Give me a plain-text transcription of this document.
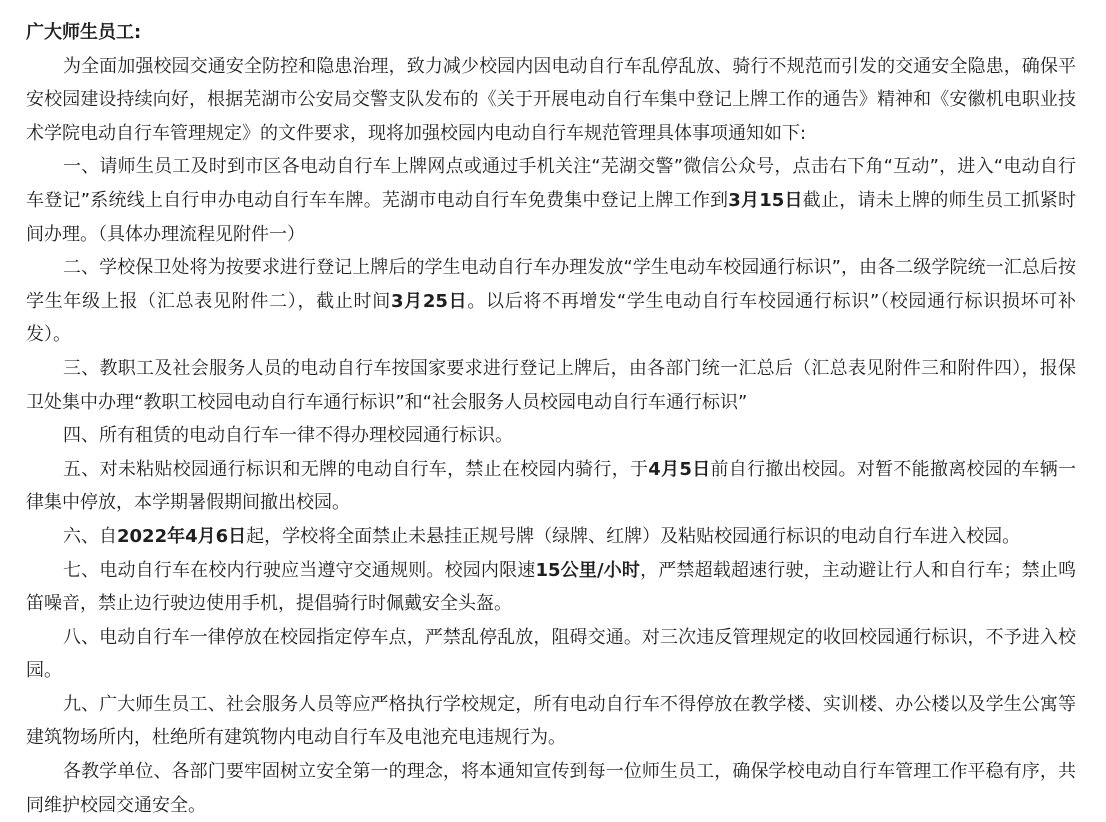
广大师生员工:

为全面加强校园交通安全防控和隐患治理，致力减少校园内因电动自行车乱停乱放、骑行不规范而引发的交通安全隐患，确保平安校园建设持续向好，根据芜湖市公安局交警支队发布的《关于开展电动自行车集中登记上牌工作的通告》精神和《安徽机电职业技术学院电动自行车管理规定》的文件要求，现将加强校园内电动自行车规范管理具体事项通知如下:

一、请师生员工及时到市区各电动自行车上牌网点或通过手机关注“芜湖交警”微信公众号，点击右下角“互动”，进入“电动自行车登记”系统线上自行申办电动自行车车牌。芜湖市电动自行车免费集中登记上牌工作到3月15日截止，请未上牌的师生员工抓紧时间办理。（具体办理流程见附件一）

二、学校保卫处将为按要求进行登记上牌后的学生电动自行车办理发放“学生电动车校园通行标识”，由各二级学院统一汇总后按学生年级上报（汇总表见附件二），截止时间3月25日。以后将不再增发“学生电动自行车校园通行标识”（校园通行标识损坏可补发）。

三、教职工及社会服务人员的电动自行车按国家要求进行登记上牌后，由各部门统一汇总后（汇总表见附件三和附件四），报保卫处集中办理“教职工校园电动自行车通行标识”和“社会服务人员校园电动自行车通行标识”

四、所有租赁的电动自行车一律不得办理校园通行标识。

五、对未粘贴校园通行标识和无牌的电动自行车，禁止在校园内骑行，于4月5日前自行撤出校园。对暂不能撤离校园的车辆一律集中停放，本学期暑假期间撤出校园。

六、自2022年4月6日起，学校将全面禁止未悬挂正规号牌（绿牌、红牌）及粘贴校园通行标识的电动自行车进入校园。

七、电动自行车在校内行驶应当遵守交通规则。校园内限速15公里/小时，严禁超载超速行驶，主动避让行人和自行车；禁止鸣笛噪音，禁止边行驶边使用手机，提倡骑行时佩戴安全头盔。

八、电动自行车一律停放在校园指定停车点，严禁乱停乱放，阻碍交通。对三次违反管理规定的收回校园通行标识，不予进入校园。

九、广大师生员工、社会服务人员等应严格执行学校规定，所有电动自行车不得停放在教学楼、实训楼、办公楼以及学生公寓等建筑物场所内，杜绝所有建筑物内电动自行车及电池充电违规行为。

各教学单位、各部门要牢固树立安全第一的理念，将本通知宣传到每一位师生员工，确保学校电动自行车管理工作平稳有序，共同维护校园交通安全。
